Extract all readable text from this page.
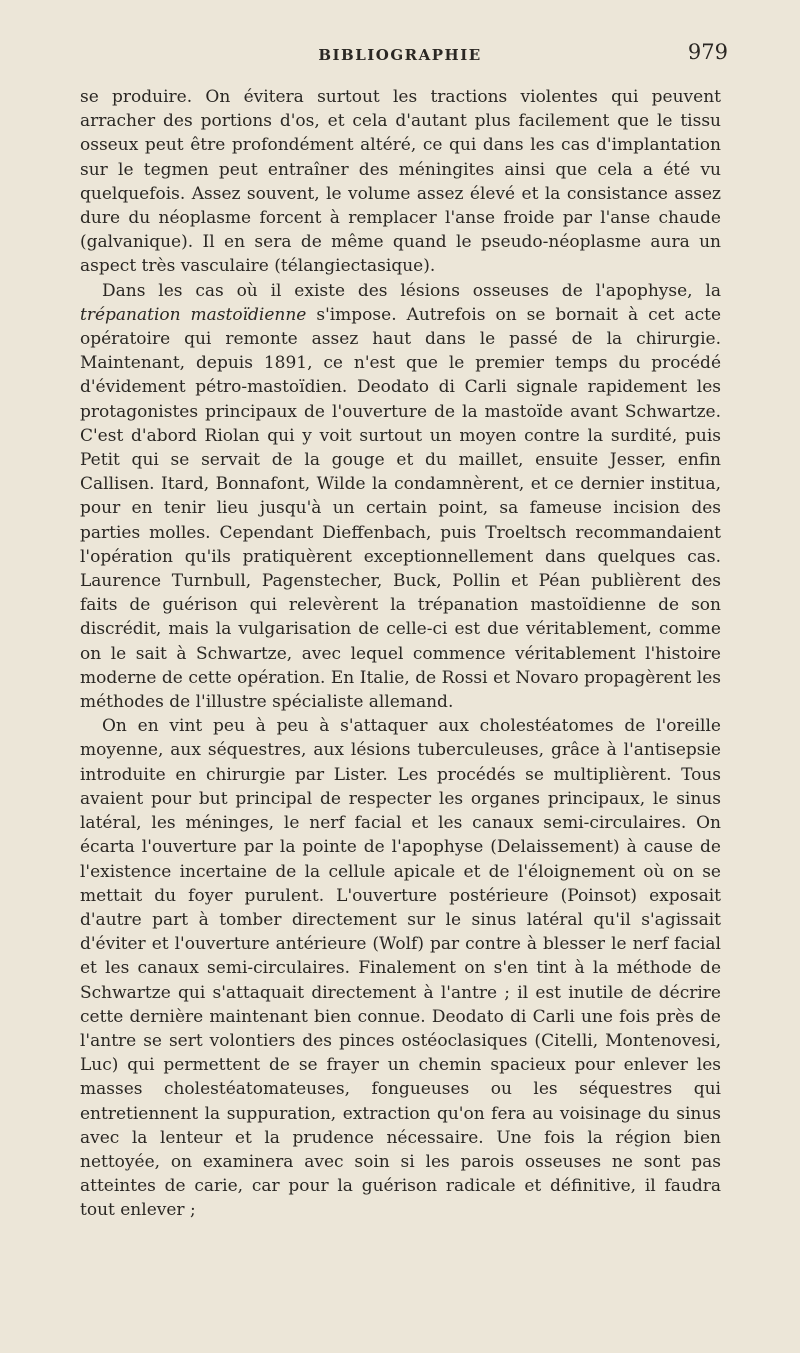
BIBLIOGRAPHIE	979

se produire. On évitera surtout les tractions violentes qui peuvent arracher des portions d'os, et cela d'autant plus facilement que le tissu osseux peut être profondément altéré, ce qui dans les cas d'implantation sur le tegmen peut entraîner des méningites ainsi que cela a été vu quelquefois. Assez souvent, le volume assez élevé et la consistance assez dure du néoplasme forcent à remplacer l'anse froide par l'anse chaude (galvanique). Il en sera de même quand le pseudo-néoplasme aura un aspect très vasculaire (télangiectasique).

Dans les cas où il existe des lésions osseuses de l'apophyse, la trépanation mastoïdienne s'impose. Autrefois on se bornait à cet acte opératoire qui remonte assez haut dans le passé de la chirurgie. Maintenant, depuis 1891, ce n'est que le premier temps du procédé d'évidement pétro-mastoïdien. Deodato di Carli signale rapidement les protagonistes principaux de l'ouverture de la mastoïde avant Schwartze. C'est d'abord Riolan qui y voit surtout un moyen contre la surdité, puis Petit qui se servait de la gouge et du maillet, ensuite Jesser, enfin Callisen. Itard, Bonnafont, Wilde la condamnèrent, et ce dernier institua, pour en tenir lieu jusqu'à un certain point, sa fameuse incision des parties molles. Cependant Dieffenbach, puis Troeltsch recommandaient l'opération qu'ils pratiquèrent exceptionnellement dans quelques cas. Laurence Turnbull, Pagenstecher, Buck, Pollin et Péan publièrent des faits de guérison qui relevèrent la trépanation mastoïdienne de son discrédit, mais la vulgarisation de celle-ci est due véritablement, comme on le sait à Schwartze, avec lequel commence véritablement l'histoire moderne de cette opération. En Italie, de Rossi et Novaro propagèrent les méthodes de l'illustre spécialiste allemand.

On en vint peu à peu à s'attaquer aux cholestéatomes de l'oreille moyenne, aux séquestres, aux lésions tuberculeuses, grâce à l'antisepsie introduite en chirurgie par Lister. Les procédés se multiplièrent. Tous avaient pour but principal de respecter les organes principaux, le sinus latéral, les méninges, le nerf facial et les canaux semi-circulaires. On écarta l'ouverture par la pointe de l'apophyse (Delaissement) à cause de l'existence incertaine de la cellule apicale et de l'éloignement où on se mettait du foyer purulent. L'ouverture postérieure (Poinsot) exposait d'autre part à tomber directement sur le sinus latéral qu'il s'agissait d'éviter et l'ouverture antérieure (Wolf) par contre à blesser le nerf facial et les canaux semi-circulaires. Finalement on s'en tint à la méthode de Schwartze qui s'attaquait directement à l'antre ; il est inutile de décrire cette dernière maintenant bien connue. Deodato di Carli une fois près de l'antre se sert volontiers des pinces ostéoclasiques (Citelli, Montenovesi, Luc) qui permettent de se frayer un chemin spacieux pour enlever les masses cholestéatomateuses, fongueuses ou les séquestres qui entretiennent la suppuration, extraction qu'on fera au voisinage du sinus avec la lenteur et la prudence nécessaire. Une fois la région bien nettoyée, on examinera avec soin si les parois osseuses ne sont pas atteintes de carie, car pour la guérison radicale et définitive, il faudra tout enlever ;
